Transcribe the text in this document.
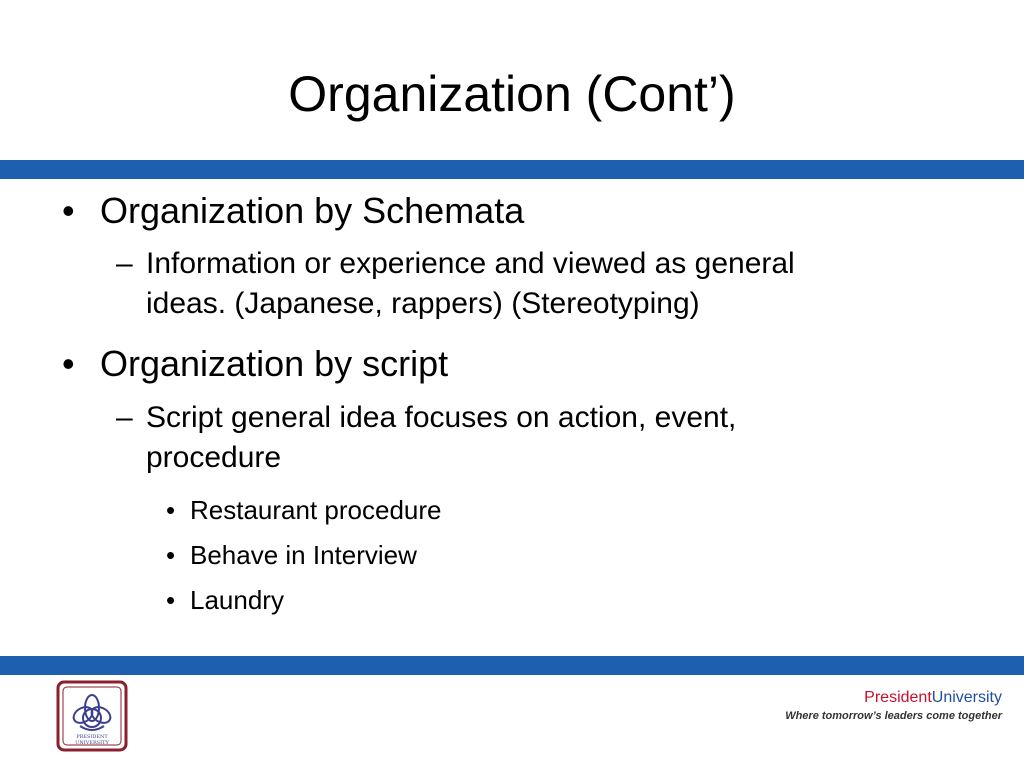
Organization (Cont’)
• Organization by Schemata
– Information or experience and viewed as general
ideas. (Japanese, rappers) (Stereotyping)
• Organization by script
– Script general idea focuses on action, event,
procedure
• Restaurant procedure
• Behave in Interview
• Laundry
PRESIDENT
UNIVERSITY
PresidentUniversity
Where tomorrow’s leaders come together
